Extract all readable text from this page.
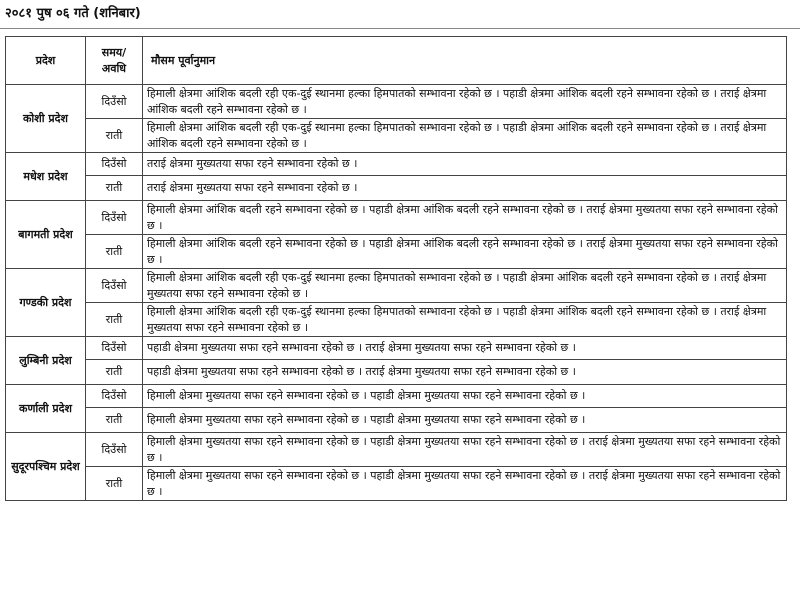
२०८१ पुष ०६ गते (शनिबार)
प्रदेश	समय/ अवधि	मौसम पूर्वानुमान
कोशी प्रदेश	दिउँसो	हिमाली क्षेत्रमा आंशिक बदली रही एक-दुई स्थानमा हल्का हिमपातको सम्भावना रहेको छ । पहाडी क्षेत्रमा आंशिक बदली रहने सम्भावना रहेको छ । तराई क्षेत्रमा आंशिक बदली रहने सम्भावना रहेको छ ।
	राती	हिमाली क्षेत्रमा आंशिक बदली रही एक-दुई स्थानमा हल्का हिमपातको सम्भावना रहेको छ । पहाडी क्षेत्रमा आंशिक बदली रहने सम्भावना रहेको छ । तराई क्षेत्रमा आंशिक बदली रहने सम्भावना रहेको छ ।
मधेश प्रदेश	दिउँसो	तराई क्षेत्रमा मुख्यतया सफा रहने सम्भावना रहेको छ ।
	राती	तराई क्षेत्रमा मुख्यतया सफा रहने सम्भावना रहेको छ ।
बागमती प्रदेश	दिउँसो	हिमाली क्षेत्रमा आंशिक बदली रहने सम्भावना रहेको छ । पहाडी क्षेत्रमा आंशिक बदली रहने सम्भावना रहेको छ । तराई क्षेत्रमा मुख्यतया सफा रहने सम्भावना रहेको छ ।
	राती	हिमाली क्षेत्रमा आंशिक बदली रहने सम्भावना रहेको छ । पहाडी क्षेत्रमा आंशिक बदली रहने सम्भावना रहेको छ । तराई क्षेत्रमा मुख्यतया सफा रहने सम्भावना रहेको छ ।
गण्डकी प्रदेश	दिउँसो	हिमाली क्षेत्रमा आंशिक बदली रही एक-दुई स्थानमा हल्का हिमपातको सम्भावना रहेको छ । पहाडी क्षेत्रमा आंशिक बदली रहने सम्भावना रहेको छ । तराई क्षेत्रमा मुख्यतया सफा रहने सम्भावना रहेको छ ।
	राती	हिमाली क्षेत्रमा आंशिक बदली रही एक-दुई स्थानमा हल्का हिमपातको सम्भावना रहेको छ । पहाडी क्षेत्रमा आंशिक बदली रहने सम्भावना रहेको छ । तराई क्षेत्रमा मुख्यतया सफा रहने सम्भावना रहेको छ ।
लुम्बिनी प्रदेश	दिउँसो	पहाडी क्षेत्रमा मुख्यतया सफा रहने सम्भावना रहेको छ । तराई क्षेत्रमा मुख्यतया सफा रहने सम्भावना रहेको छ ।
	राती	पहाडी क्षेत्रमा मुख्यतया सफा रहने सम्भावना रहेको छ । तराई क्षेत्रमा मुख्यतया सफा रहने सम्भावना रहेको छ ।
कर्णाली प्रदेश	दिउँसो	हिमाली क्षेत्रमा मुख्यतया सफा रहने सम्भावना रहेको छ । पहाडी क्षेत्रमा मुख्यतया सफा रहने सम्भावना रहेको छ ।
	राती	हिमाली क्षेत्रमा मुख्यतया सफा रहने सम्भावना रहेको छ । पहाडी क्षेत्रमा मुख्यतया सफा रहने सम्भावना रहेको छ ।
सुदूरपश्चिम प्रदेश	दिउँसो	हिमाली क्षेत्रमा मुख्यतया सफा रहने सम्भावना रहेको छ । पहाडी क्षेत्रमा मुख्यतया सफा रहने सम्भावना रहेको छ । तराई क्षेत्रमा मुख्यतया सफा रहने सम्भावना रहेको छ ।
	राती	हिमाली क्षेत्रमा मुख्यतया सफा रहने सम्भावना रहेको छ । पहाडी क्षेत्रमा मुख्यतया सफा रहने सम्भावना रहेको छ । तराई क्षेत्रमा मुख्यतया सफा रहने सम्भावना रहेको छ ।
